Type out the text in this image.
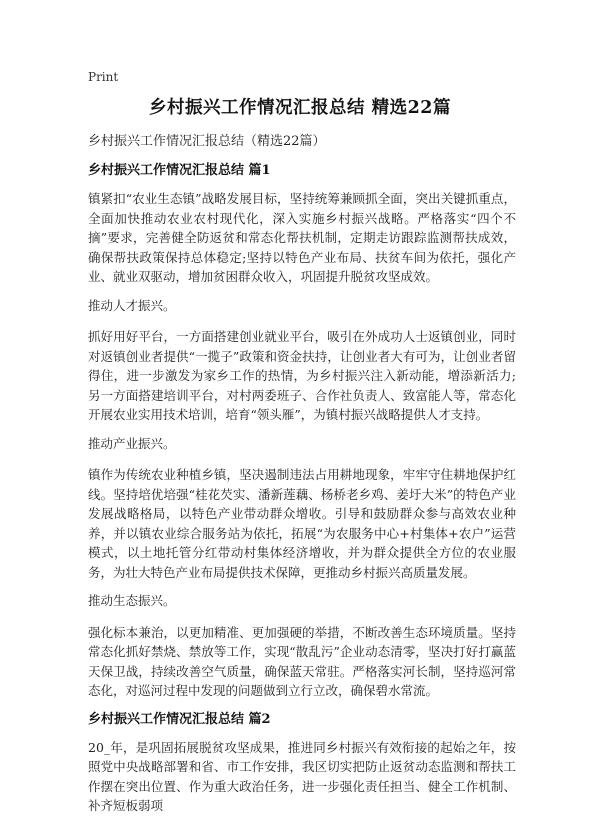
Print
乡村振兴工作情况汇报总结 精选22篇

乡村振兴工作情况汇报总结（精选22篇）

乡村振兴工作情况汇报总结 篇1

镇紧扣“农业生态镇”战略发展目标，坚持统筹兼顾抓全面，突出关键抓重点，全面加快推动农业农村现代化，深入实施乡村振兴战略。严格落实“四个不摘”要求，完善健全防返贫和常态化帮扶机制，定期走访跟踪监测帮扶成效，确保帮扶政策保持总体稳定;坚持以特色产业布局、扶贫车间为依托，强化产业、就业双驱动，增加贫困群众收入，巩固提升脱贫攻坚成效。

推动人才振兴。

抓好用好平台，一方面搭建创业就业平台，吸引在外成功人士返镇创业，同时对返镇创业者提供“一揽子”政策和资金扶持，让创业者大有可为，让创业者留得住，进一步激发为家乡工作的热情，为乡村振兴注入新动能，增添新活力;另一方面搭建培训平台，对村两委班子、合作社负责人、致富能人等，常态化开展农业实用技术培训，培育“领头雁”，为镇村振兴战略提供人才支持。

推动产业振兴。

镇作为传统农业种植乡镇，坚决遏制违法占用耕地现象，牢牢守住耕地保护红线。坚持培优培强“桂花芡实、潘新莲藕、杨桥老乡鸡、姜圩大米”的特色产业发展战略格局，以特色产业带动群众增收。引导和鼓励群众参与高效农业种养，并以镇农业综合服务站为依托，拓展“为农服务中心+村集体+农户”运营模式，以土地托管分红带动村集体经济增收，并为群众提供全方位的农业服务，为壮大特色产业布局提供技术保障，更推动乡村振兴高质量发展。

推动生态振兴。

强化标本兼治，以更加精准、更加强硬的举措，不断改善生态环境质量。坚持常态化抓好禁烧、禁放等工作，实现“散乱污”企业动态清零，坚决打好打赢蓝天保卫战，持续改善空气质量，确保蓝天常驻。严格落实河长制，坚持巡河常态化，对巡河过程中发现的问题做到立行立改，确保碧水常流。

乡村振兴工作情况汇报总结 篇2

20_年，是巩固拓展脱贫攻坚成果，推进同乡村振兴有效衔接的起始之年，按照党中央战略部署和省、市工作安排，我区切实把防止返贫动态监测和帮扶工作摆在突出位置、作为重大政治任务，进一步强化责任担当、健全工作机制、补齐短板弱项
